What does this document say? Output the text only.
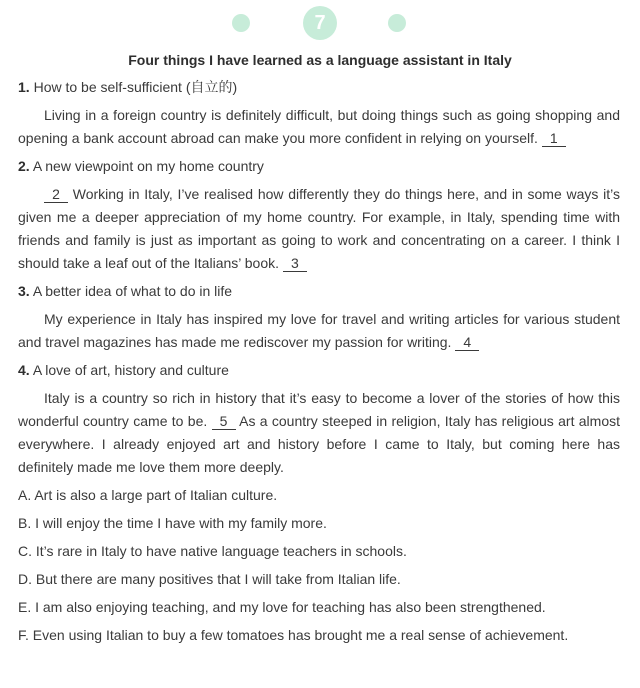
7
Four things I have learned as a language assistant in Italy

1. How to be self-sufficient (自立的)

Living in a foreign country is definitely difficult, but doing things such as going shopping and opening a bank account abroad can make you more confident in relying on yourself. 1

2. A new viewpoint on my home country

2 Working in Italy, I’ve realised how differently they do things here, and in some ways it’s given me a deeper appreciation of my home country. For example, in Italy, spending time with friends and family is just as important as going to work and concentrating on a career. I think I should take a leaf out of the Italians’ book. 3

3. A better idea of what to do in life

My experience in Italy has inspired my love for travel and writing articles for various student and travel magazines has made me rediscover my passion for writing. 4

4. A love of art, history and culture

Italy is a country so rich in history that it’s easy to become a lover of the stories of how this wonderful country came to be. 5 As a country steeped in religion, Italy has religious art almost everywhere. I already enjoyed art and history before I came to Italy, but coming here has definitely made me love them more deeply.

A. Art is also a large part of Italian culture.

B. I will enjoy the time I have with my family more.

C. It’s rare in Italy to have native language teachers in schools.

D. But there are many positives that I will take from Italian life.

E. I am also enjoying teaching, and my love for teaching has also been strengthened.

F. Even using Italian to buy a few tomatoes has brought me a real sense of achievement.
